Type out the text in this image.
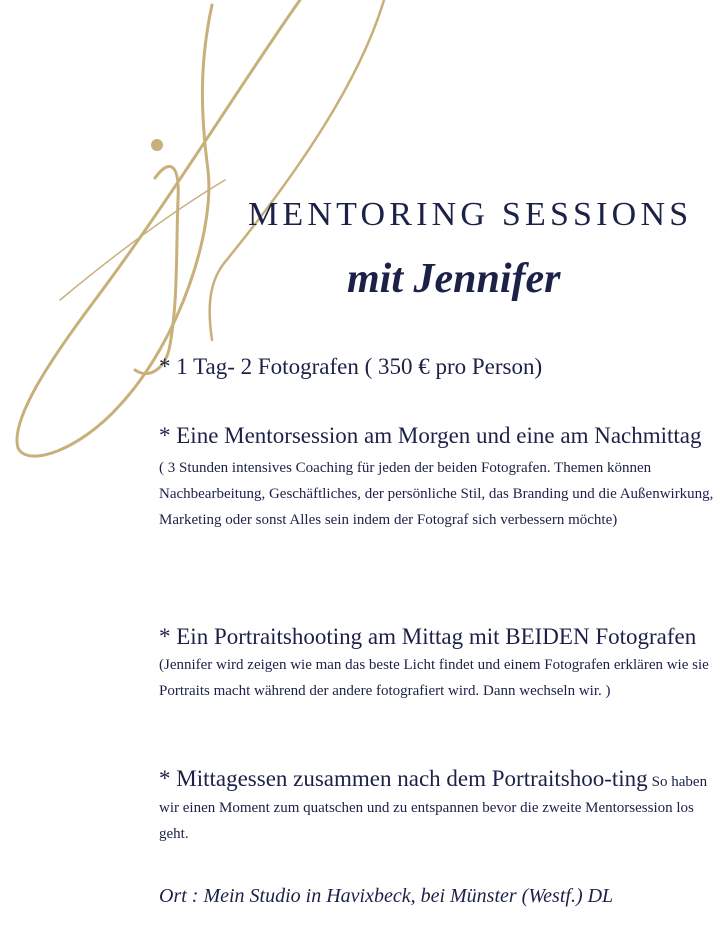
MENTORING SESSIONS
mit Jennifer
* 1 Tag- 2 Fotografen ( 350 € pro Person)
* Eine Mentorsession am Morgen und eine am Nachmittag
( 3 Stunden intensives Coaching für jeden der beiden Fotografen. Themen können Nachbearbeitung, Geschäftliches, der persönliche Stil, das Branding und die Außenwirkung, Marketing oder sonst Alles sein indem der Fotograf sich verbessern möchte)
* Ein Portraitshooting am Mittag mit BEIDEN Fotografen (Jennifer wird zeigen wie man das beste Licht findet und einem Fotografen erklären wie sie Portraits macht während der andere fotografiert wird. Dann wechseln wir. )
* Mittagessen zusammen nach dem Portraitshoo-ting So haben wir einen Moment zum quatschen und zu entspannen bevor die zweite Mentorsession los geht.
Ort : Mein Studio in Havixbeck, bei Münster (Westf.) DL
